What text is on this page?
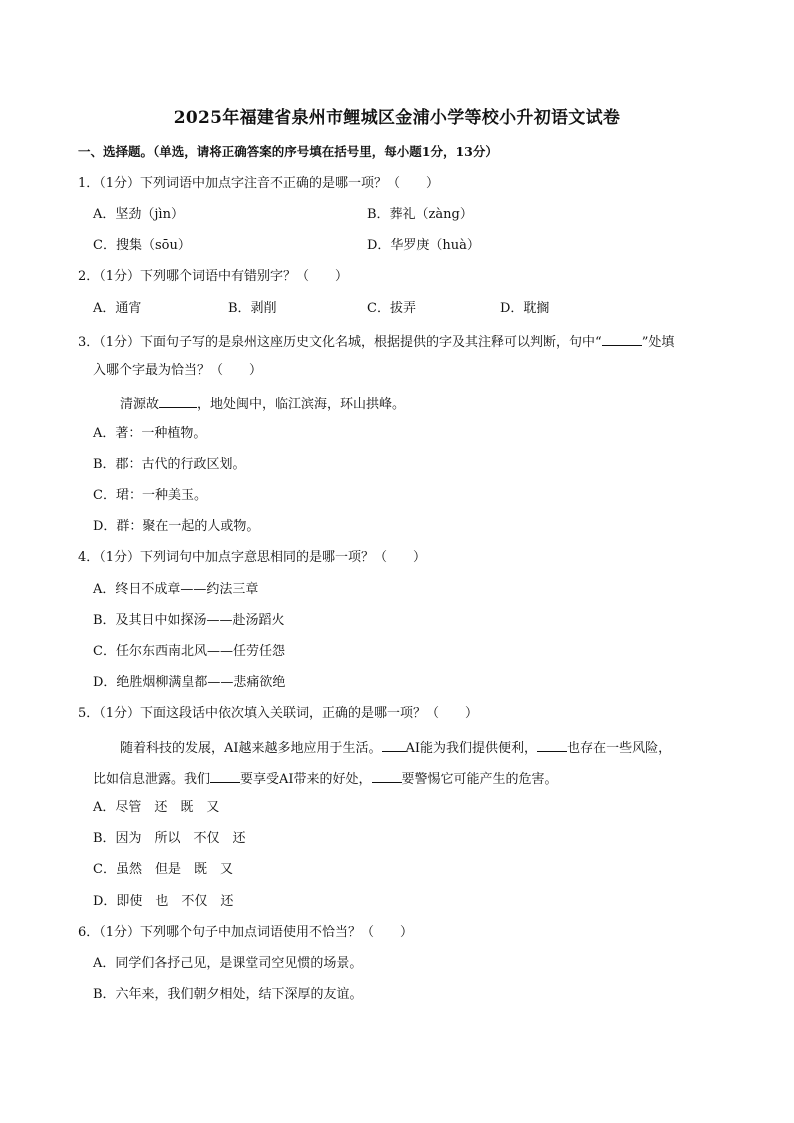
2025年福建省泉州市鲤城区金浦小学等校小升初语文试卷
一、选择题。（单选，请将正确答案的序号填在括号里，每小题1分，13分）
1．（1分）下列词语中加点字注音不正确的是哪一项？（　　）
A．坚劲（jìn）	B．葬礼（zàng）
C．搜集（sōu）	D．华罗庚（huà）
2．（1分）下列哪个词语中有错别字？（　　）
A．通宵	B．剥削	C．拔弄	D．耽搁
3．（1分）下面句子写的是泉州这座历史文化名城，根据提供的字及其注释可以判断，句中“	”处填
入哪个字最为恰当？（　　）
清源故	，地处闽中，临江滨海，环山拱峰。
A．著：一种植物。
B．郡：古代的行政区划。
C．珺：一种美玉。
D．群：聚在一起的人或物。
4．（1分）下列词句中加点字意思相同的是哪一项？（　　）
A．终日不成章——约法三章
B．及其日中如探汤——赴汤蹈火
C．任尔东西南北风——任劳任怨
D．绝胜烟柳满皇都——悲痛欲绝
5．（1分）下面这段话中依次填入关联词，正确的是哪一项？（　　）
随着科技的发展，AI越来越多地应用于生活。 AI能为我们提供便利， 也存在一些风险，
比如信息泄露。我们 要享受AI带来的好处， 要警惕它可能产生的危害。
A．尽管　还　既　又
B．因为　所以　不仅　还
C．虽然　但是　既　又
D．即使　也　不仅　还
6．（1分）下列哪个句子中加点词语使用不恰当？（　　）
A．同学们各抒己见，是课堂司空见惯的场景。
B．六年来，我们朝夕相处，结下深厚的友谊。
